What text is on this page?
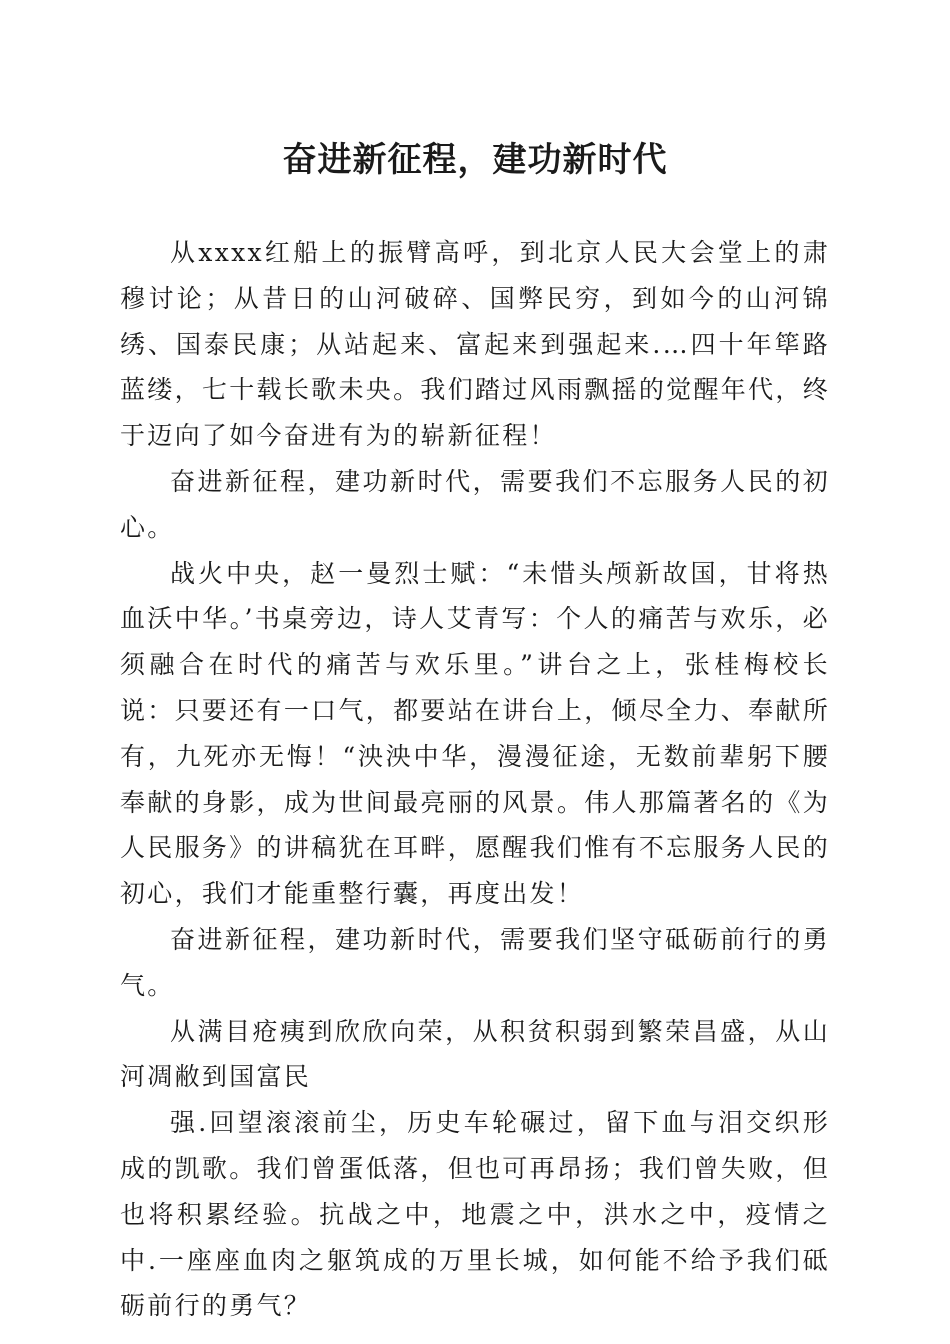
奋进新征程，建功新时代

从xxxx红船上的振臂高呼，到北京人民大会堂上的肃穆讨论；从昔日的山河破碎、国弊民穷，到如今的山河锦绣、国泰民康；从站起来、富起来到强起来.…四十年筚路蓝缕，七十载长歌未央。我们踏过风雨飘摇的觉醒年代，终于迈向了如今奋进有为的崭新征程！

奋进新征程，建功新时代，需要我们不忘服务人民的初心。

战火中央，赵一曼烈士赋：“未惜头颅新故国，甘将热血沃中华。’书桌旁边，诗人艾青写：个人的痛苦与欢乐，必须融合在时代的痛苦与欢乐里。”讲台之上，张桂梅校长说：只要还有一口气，都要站在讲台上，倾尽全力、奉献所有，九死亦无悔！“泱泱中华，漫漫征途，无数前辈躬下腰奉献的身影，成为世间最亮丽的风景。伟人那篇著名的《为人民服务》的讲稿犹在耳畔，愿醒我们惟有不忘服务人民的初心，我们才能重整行囊，再度出发！

奋进新征程，建功新时代，需要我们坚守砥砺前行的勇气。

从满目疮痍到欣欣向荣，从积贫积弱到繁荣昌盛，从山河凋敝到国富民

强.回望滚滚前尘，历史车轮碾过，留下血与泪交织形成的凯歌。我们曾蛋低落，但也可再昂扬；我们曾失败，但也将积累经验。抗战之中，地震之中，洪水之中，疫情之中.一座座血肉之躯筑成的万里长城，如何能不给予我们砥砺前行的勇气？
